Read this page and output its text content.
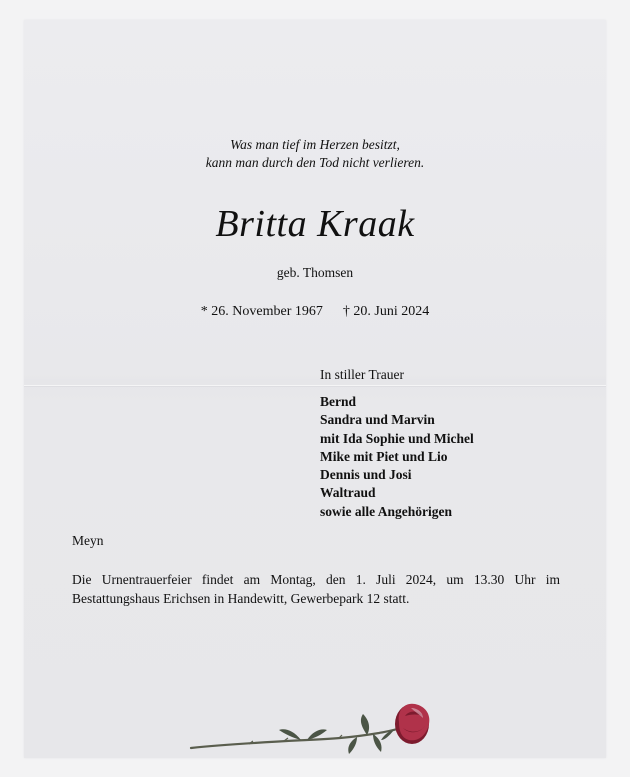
Was man tief im Herzen besitzt,
kann man durch den Tod nicht verlieren.
Britta Kraak
geb. Thomsen
* 26. November 1967 † 20. Juni 2024
In stiller Trauer
Bernd
Sandra und Marvin
mit Ida Sophie und Michel
Mike mit Piet und Lio
Dennis und Josi
Waltraud
sowie alle Angehörigen
Meyn
Die Urnentrauerfeier findet am Montag, den 1. Juli 2024, um 13.30 Uhr im Bestattungshaus Erichsen in Handewitt, Gewerbepark 12 statt.
